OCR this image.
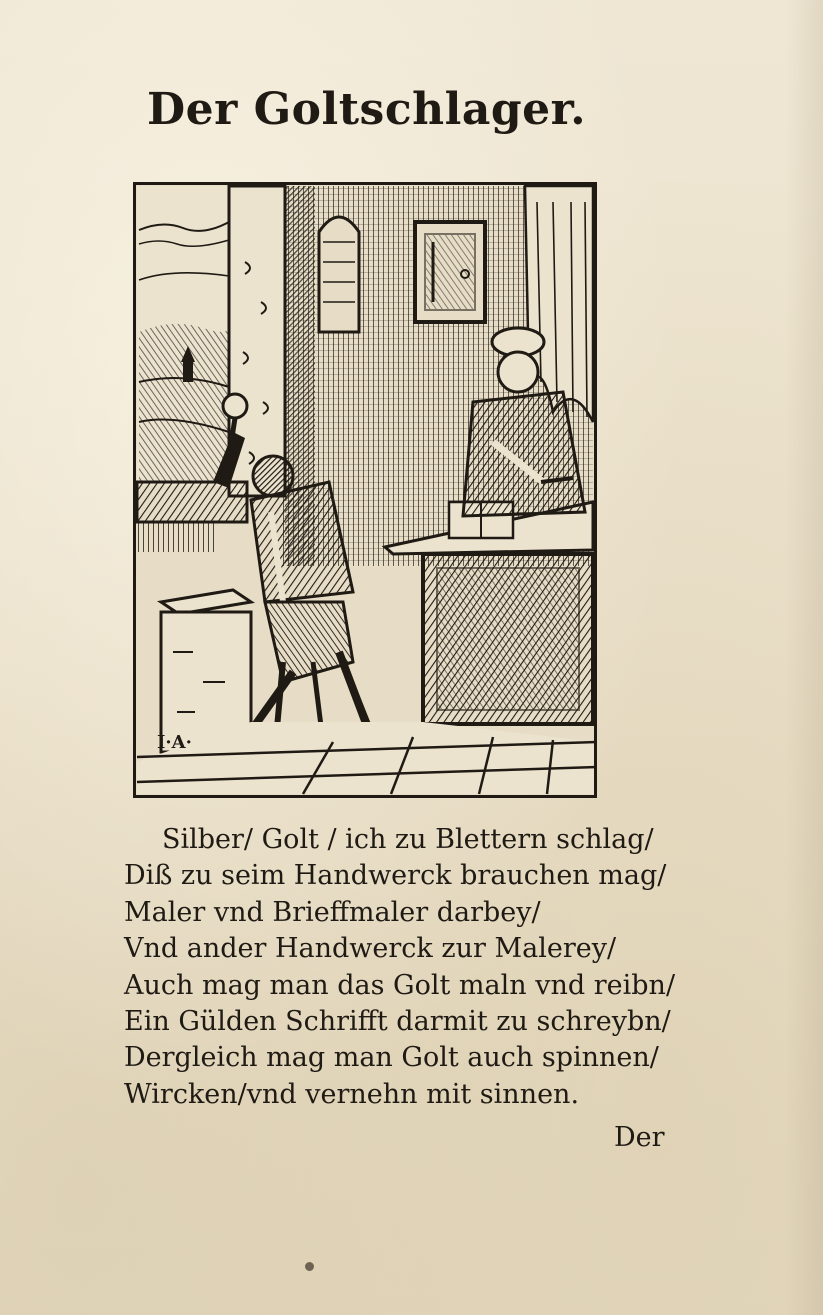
Der Goltschlager.
I·A·
Silber/ Golt / ich zu Blettern schlag/
Diß zu seim Handwerck brauchen mag/
Maler vnd Brieffmaler darbey/
Vnd ander Handwerck zur Malerey/
Auch mag man das Golt maln vnd reibn/
Ein Gülden Schrifft darmit zu schreybn/
Dergleich mag man Golt auch spinnen/
Wircken/vnd vernehn mit sinnen.
Der
